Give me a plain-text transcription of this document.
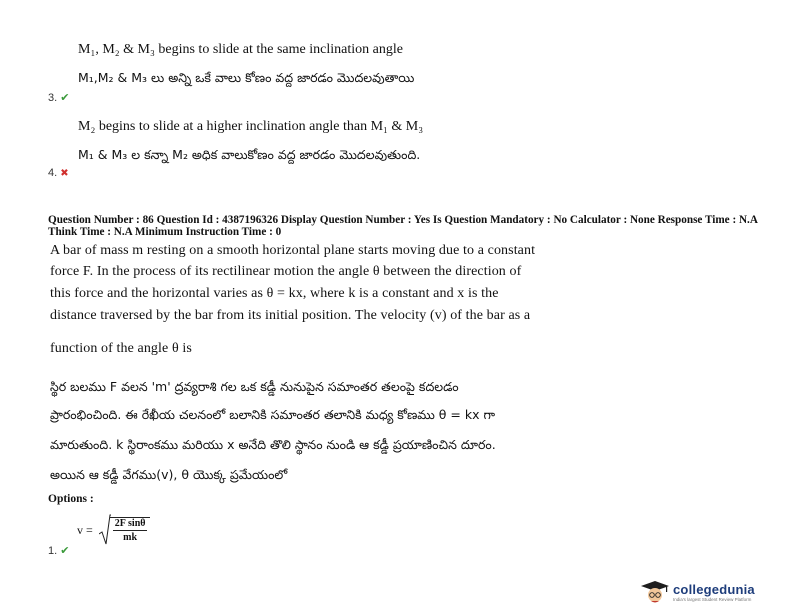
M₁, M₂ & M₃ begins to slide at the same inclination angle
M₁,M₂ & M₃ లు అన్ని ఒకే వాలు కోణం వద్ద జారడం మొదలవుతాయి
3. ✔
M₂ begins to slide at a higher inclination angle than M₁ & M₃
M₁ & M₃ ల కన్నా M₂ అధిక వాలుకోణం వద్ద జారడం మొదలవుతుంది.
4. ✖
Question Number : 86 Question Id : 4387196326 Display Question Number : Yes Is Question Mandatory : No Calculator : None Response Time : N.A Think Time : N.A Minimum Instruction Time : 0
A bar of mass m resting on a smooth horizontal plane starts moving due to a constant
force F. In the process of its rectilinear motion the angle θ between the direction of
this force and the horizontal varies as θ = kx, where k is a constant and x is the
distance traversed by the bar from its initial position. The velocity (v) of the bar as a
function of the angle θ is
స్థిర బలము F వలన 'm' ద్రవ్యరాశి గల ఒక కడ్డీ నునుపైన సమాంతర తలంపై కదలడం
ప్రారంభించింది. ఈ రేఖీయ చలనంలో బలానికి సమాంతర తలానికి మధ్య కోణము θ = kx గా
మారుతుంది. k స్థిరాంకము మరియు x అనేది తొలి స్థానం నుండి ఆ కడ్డీ ప్రయాణించిన దూరం.
అయిన ఆ కడ్డీ వేగము(v), θ యొక్క ప్రమేయంలో
Options :
$v = \frac{\text{2F sinθ}}{mk}$
1. ✔
collegedunia
India's largest Student Review Platform
